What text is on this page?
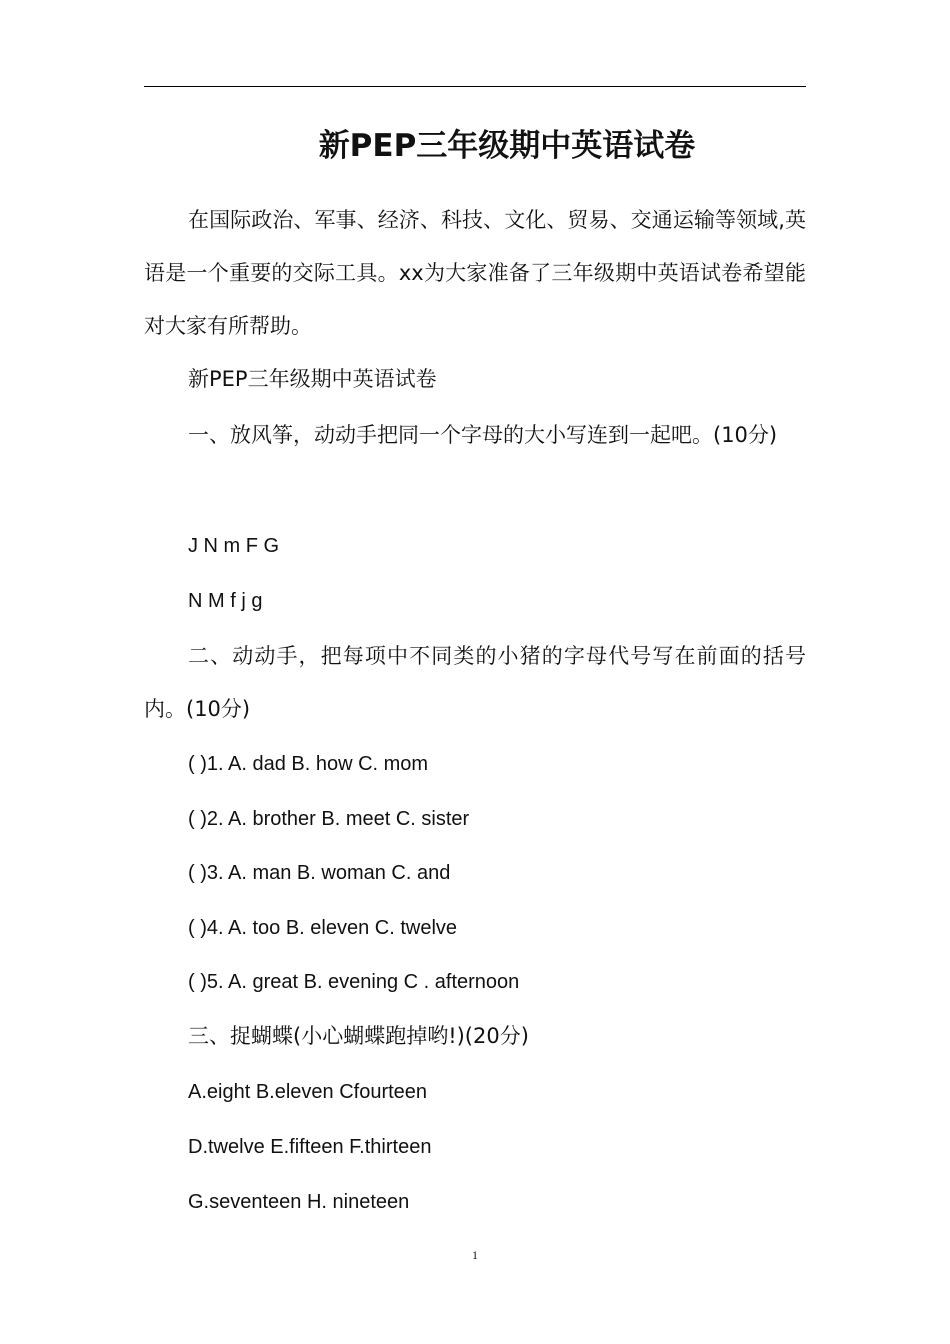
新PEP三年级期中英语试卷
在国际政治、军事、经济、科技、文化、贸易、交通运输等领域,英语是一个重要的交际工具。xx为大家准备了三年级期中英语试卷希望能对大家有所帮助。
新PEP三年级期中英语试卷
一、放风筝，动动手把同一个字母的大小写连到一起吧。(10分)
J N m F G
N M f j g
二、动动手，把每项中不同类的小猪的字母代号写在前面的括号内。(10分)
( )1. A. dad B. how C. mom
( )2. A. brother B. meet C. sister
( )3. A. man B. woman C. and
( )4. A. too B. eleven C. twelve
( )5. A. great B. evening C . afternoon
三、捉蝴蝶(小心蝴蝶跑掉哟!)(20分)
A.eight B.eleven Cfourteen
D.twelve E.fifteen F.thirteen
G.seventeen H. nineteen
1
